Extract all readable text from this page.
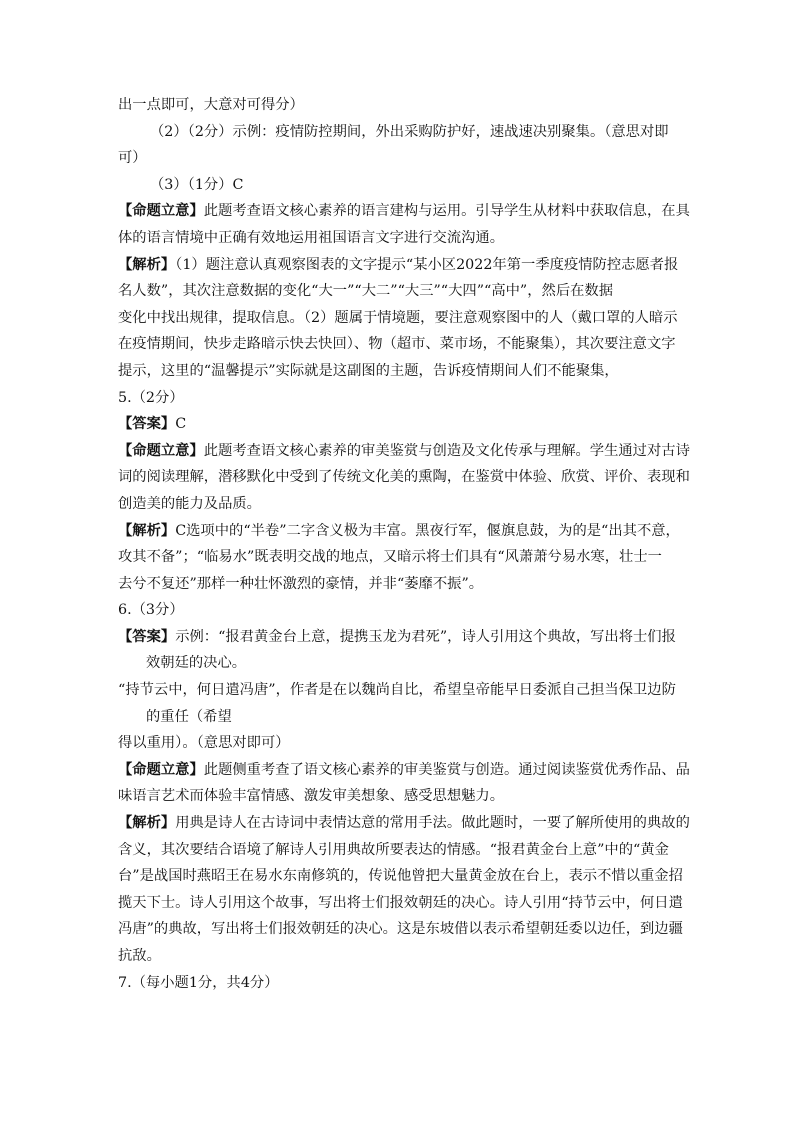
出一点即可，大意对可得分）
（2）（2分）示例：疫情防控期间，外出采购防护好，速战速决别聚集。（意思对即
可）
（3）（1分）C
【命题立意】此题考查语文核心素养的语言建构与运用。引导学生从材料中获取信息，在具
体的语言情境中正确有效地运用祖国语言文字进行交流沟通。
【解析】（1）题注意认真观察图表的文字提示“某小区2022年第一季度疫情防控志愿者报
名人数”，其次注意数据的变化“大一”“大二”“大三”“大四”“高中”，然后在数据
变化中找出规律，提取信息。（2）题属于情境题，要注意观察图中的人（戴口罩的人暗示
在疫情期间，快步走路暗示快去快回）、物（超市、菜市场，不能聚集），其次要注意文字
提示，这里的“温馨提示”实际就是这副图的主题，告诉疫情期间人们不能聚集，
5.（2分）
【答案】C
【命题立意】此题考查语文核心素养的审美鉴赏与创造及文化传承与理解。学生通过对古诗
词的阅读理解，潜移默化中受到了传统文化美的熏陶，在鉴赏中体验、欣赏、评价、表现和
创造美的能力及品质。
【解析】C选项中的“半卷”二字含义极为丰富。黑夜行军，偃旗息鼓，为的是“出其不意，
攻其不备”；“临易水”既表明交战的地点，又暗示将士们具有“风萧萧兮易水寒，壮士一
去兮不复还”那样一种壮怀激烈的豪情，并非“萎靡不振”。
6.（3分）
【答案】示例：“报君黄金台上意，提携玉龙为君死”，诗人引用这个典故，写出将士们报
效朝廷的决心。
“持节云中，何日遣冯唐”，作者是在以魏尚自比，希望皇帝能早日委派自己担当保卫边防
的重任（希望
得以重用）。（意思对即可）
【命题立意】此题侧重考查了语文核心素养的审美鉴赏与创造。通过阅读鉴赏优秀作品、品
味语言艺术而体验丰富情感、激发审美想象、感受思想魅力。
【解析】用典是诗人在古诗词中表情达意的常用手法。做此题时，一要了解所使用的典故的
含义，其次要结合语境了解诗人引用典故所要表达的情感。“报君黄金台上意”中的“黄金
台”是战国时燕昭王在易水东南修筑的，传说他曾把大量黄金放在台上，表示不惜以重金招
揽天下士。诗人引用这个故事，写出将士们报效朝廷的决心。诗人引用“持节云中，何日遣
冯唐”的典故，写出将士们报效朝廷的决心。这是东坡借以表示希望朝廷委以边任，到边疆
抗敌。
7.（每小题1分，共4分）
